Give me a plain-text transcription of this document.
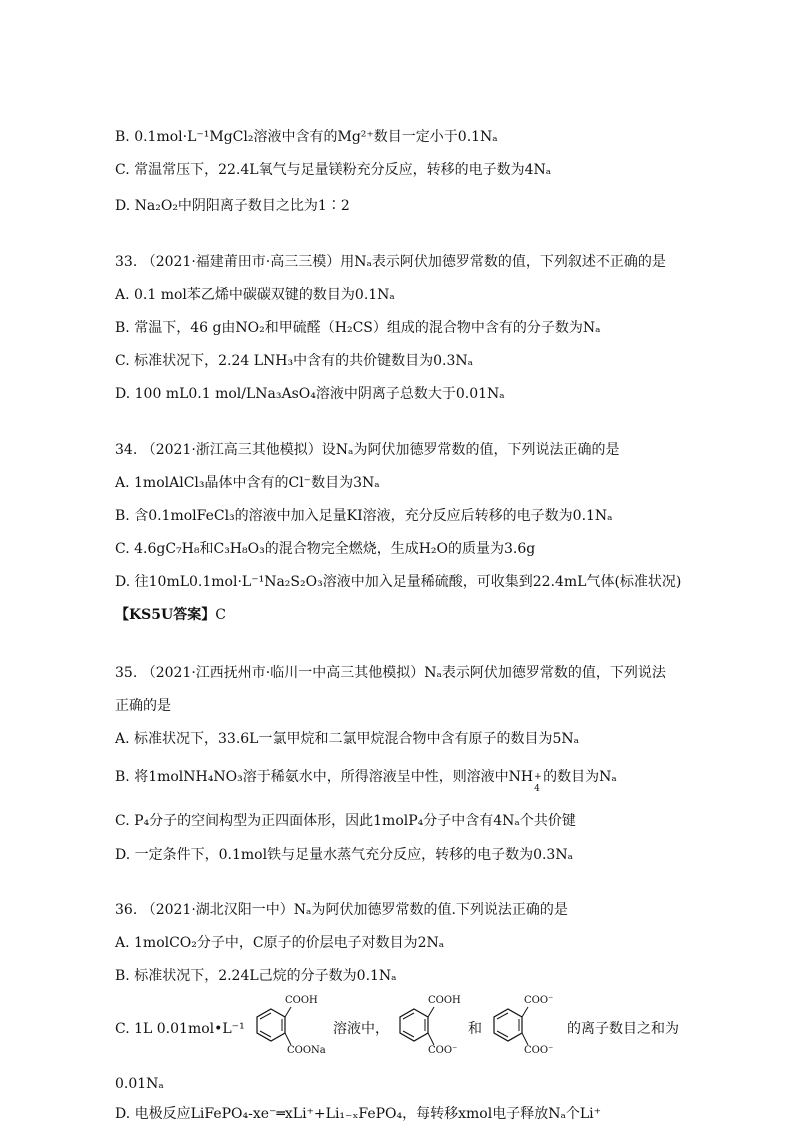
B. 0.1mol·L⁻¹MgCl₂溶液中含有的Mg²⁺数目一定小于0.1Nₐ
C. 常温常压下，22.4L氧气与足量镁粉充分反应，转移的电子数为4Nₐ
D. Na₂O₂中阴阳离子数目之比为1∶2
33. （2021·福建莆田市·高三三模）用Nₐ表示阿伏加德罗常数的值，下列叙述不正确的是
A. 0.1 mol苯乙烯中碳碳双键的数目为0.1Nₐ
B. 常温下，46 g由NO₂和甲硫醛（H₂CS）组成的混合物中含有的分子数为Nₐ
C. 标准状况下，2.24 LNH₃中含有的共价键数目为0.3Nₐ
D. 100 mL0.1 mol/LNa₃AsO₄溶液中阴离子总数大于0.01Nₐ
34. （2021·浙江高三其他模拟）设Nₐ为阿伏加德罗常数的值，下列说法正确的是
A. 1molAlCl₃晶体中含有的Cl⁻数目为3Nₐ
B. 含0.1molFeCl₃的溶液中加入足量KI溶液，充分反应后转移的电子数为0.1Nₐ
C. 4.6gC₇H₈和C₃H₈O₃的混合物完全燃烧，生成H₂O的质量为3.6g
D. 往10mL0.1mol·L⁻¹Na₂S₂O₃溶液中加入足量稀硫酸，可收集到22.4mL气体(标准状况)
【KS5U答案】C
35. （2021·江西抚州市·临川一中高三其他模拟）Nₐ表示阿伏加德罗常数的值，下列说法
正确的是
A. 标准状况下，33.6L一氯甲烷和二氯甲烷混合物中含有原子的数目为5Nₐ
B. 将1molNH₄NO₃溶于稀氨水中，所得溶液呈中性，则溶液中NH +
4
的数目为Nₐ
C. P₄分子的空间构型为正四面体形，因此1molP₄分子中含有4Nₐ个共价键
D. 一定条件下，0.1mol铁与足量水蒸气充分反应，转移的电子数为0.3Nₐ
36. （2021·湖北汉阳一中）Nₐ为阿伏加德罗常数的值.下列说法正确的是
A. 1molCO₂分子中，C原子的价层电子对数目为2Nₐ
B. 标准状况下，2.24L己烷的分子数为0.1Nₐ
C. 1L 0.01mol•L⁻¹
COOH
COONa
溶液中，
COOH
COO⁻
和
COO⁻
COO⁻
的离子数目之和为
0.01Nₐ
D. 电极反应LiFePO₄-xe⁻═xLi⁺+Li₁₋ₓFePO₄，每转移xmol电子释放Nₐ个Li⁺
